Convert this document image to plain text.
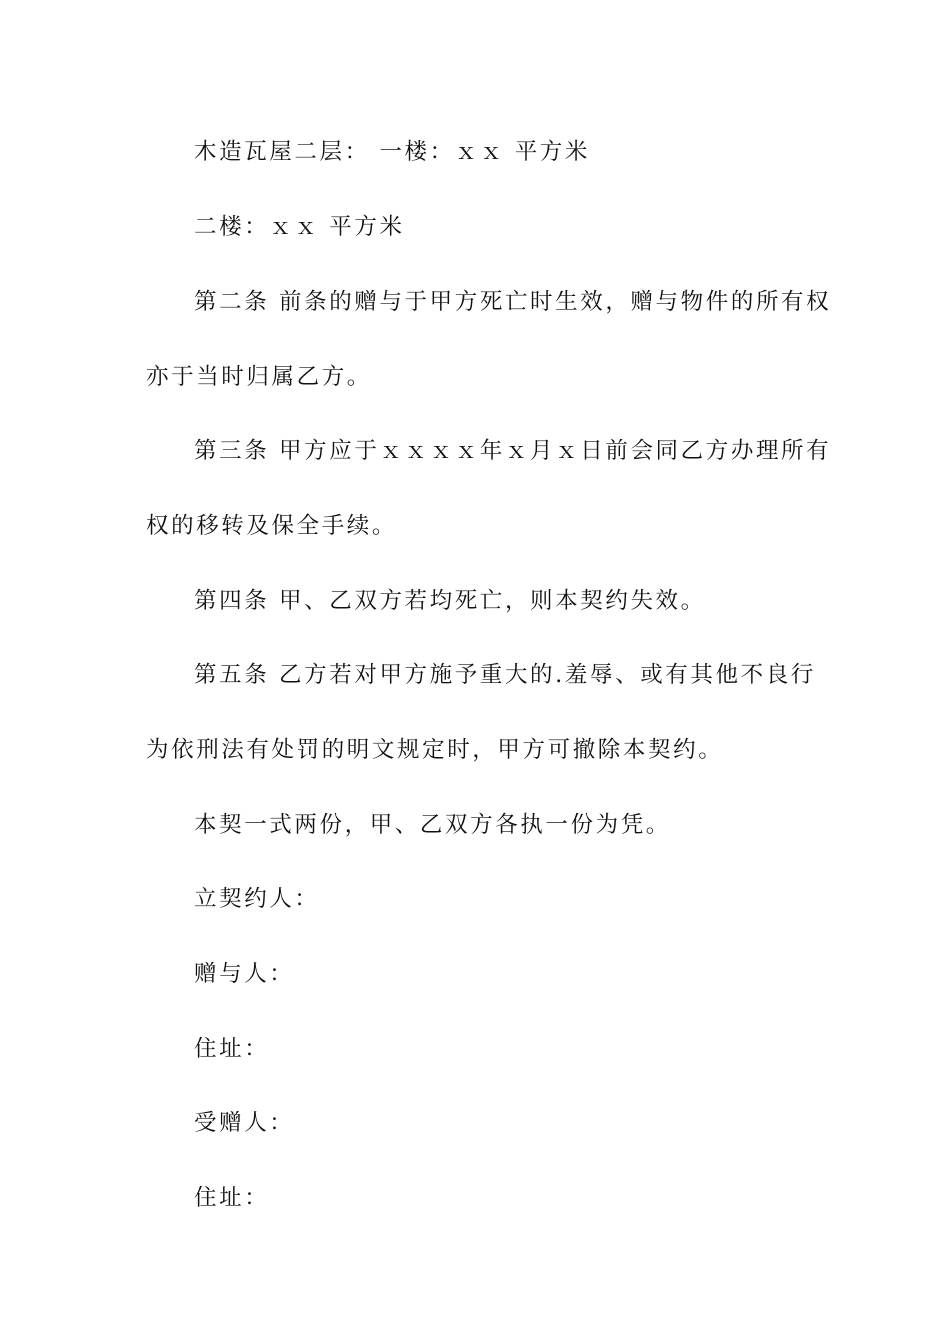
木造瓦屋二层： 一楼：ｘｘ 平方米
二楼：ｘｘ 平方米
第二条 前条的赠与于甲方死亡时生效，赠与物件的所有权
亦于当时归属乙方。
第三条 甲方应于ｘｘｘｘ年ｘ月ｘ日前会同乙方办理所有
权的移转及保全手续。
第四条 甲、乙双方若均死亡，则本契约失效。
第五条 乙方若对甲方施予重大的.羞辱、或有其他不良行
为依刑法有处罚的明文规定时，甲方可撤除本契约。
本契一式两份，甲、乙双方各执一份为凭。
立契约人：
赠与人：
住址：
受赠人：
住址：
